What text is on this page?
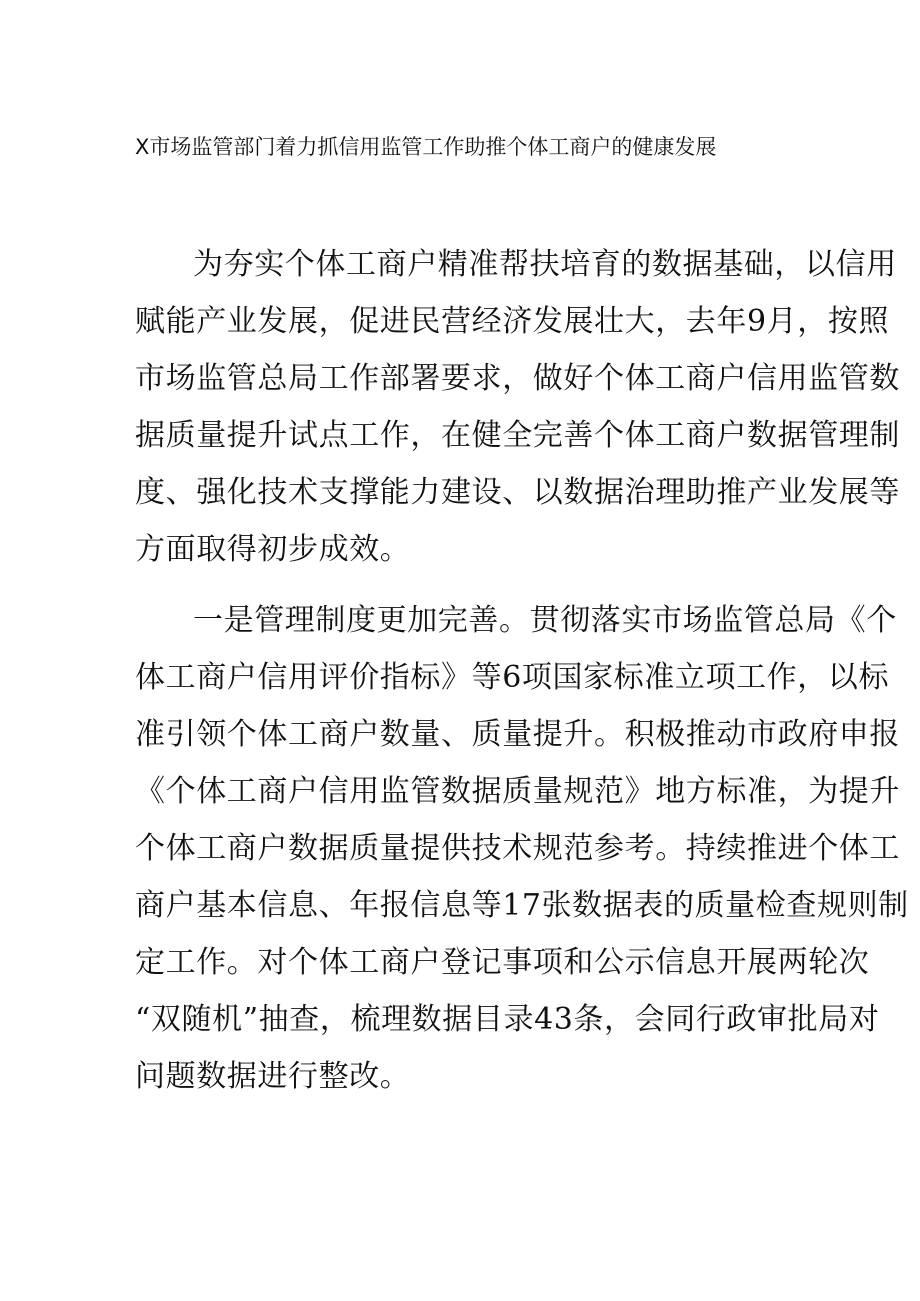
X市场监管部门着力抓信用监管工作助推个体工商户的健康发展
为夯实个体工商户精准帮扶培育的数据基础，以信用
赋能产业发展，促进民营经济发展壮大，去年9月，按照
市场监管总局工作部署要求，做好个体工商户信用监管数
据质量提升试点工作，在健全完善个体工商户数据管理制
度、强化技术支撑能力建设、以数据治理助推产业发展等
方面取得初步成效。
一是管理制度更加完善。贯彻落实市场监管总局《个
体工商户信用评价指标》等6项国家标准立项工作，以标
准引领个体工商户数量、质量提升。积极推动市政府申报
《个体工商户信用监管数据质量规范》地方标准，为提升
个体工商户数据质量提供技术规范参考。持续推进个体工
商户基本信息、年报信息等17张数据表的质量检查规则制
定工作。对个体工商户登记事项和公示信息开展两轮次
“双随机”抽查，梳理数据目录43条，会同行政审批局对
问题数据进行整改。
